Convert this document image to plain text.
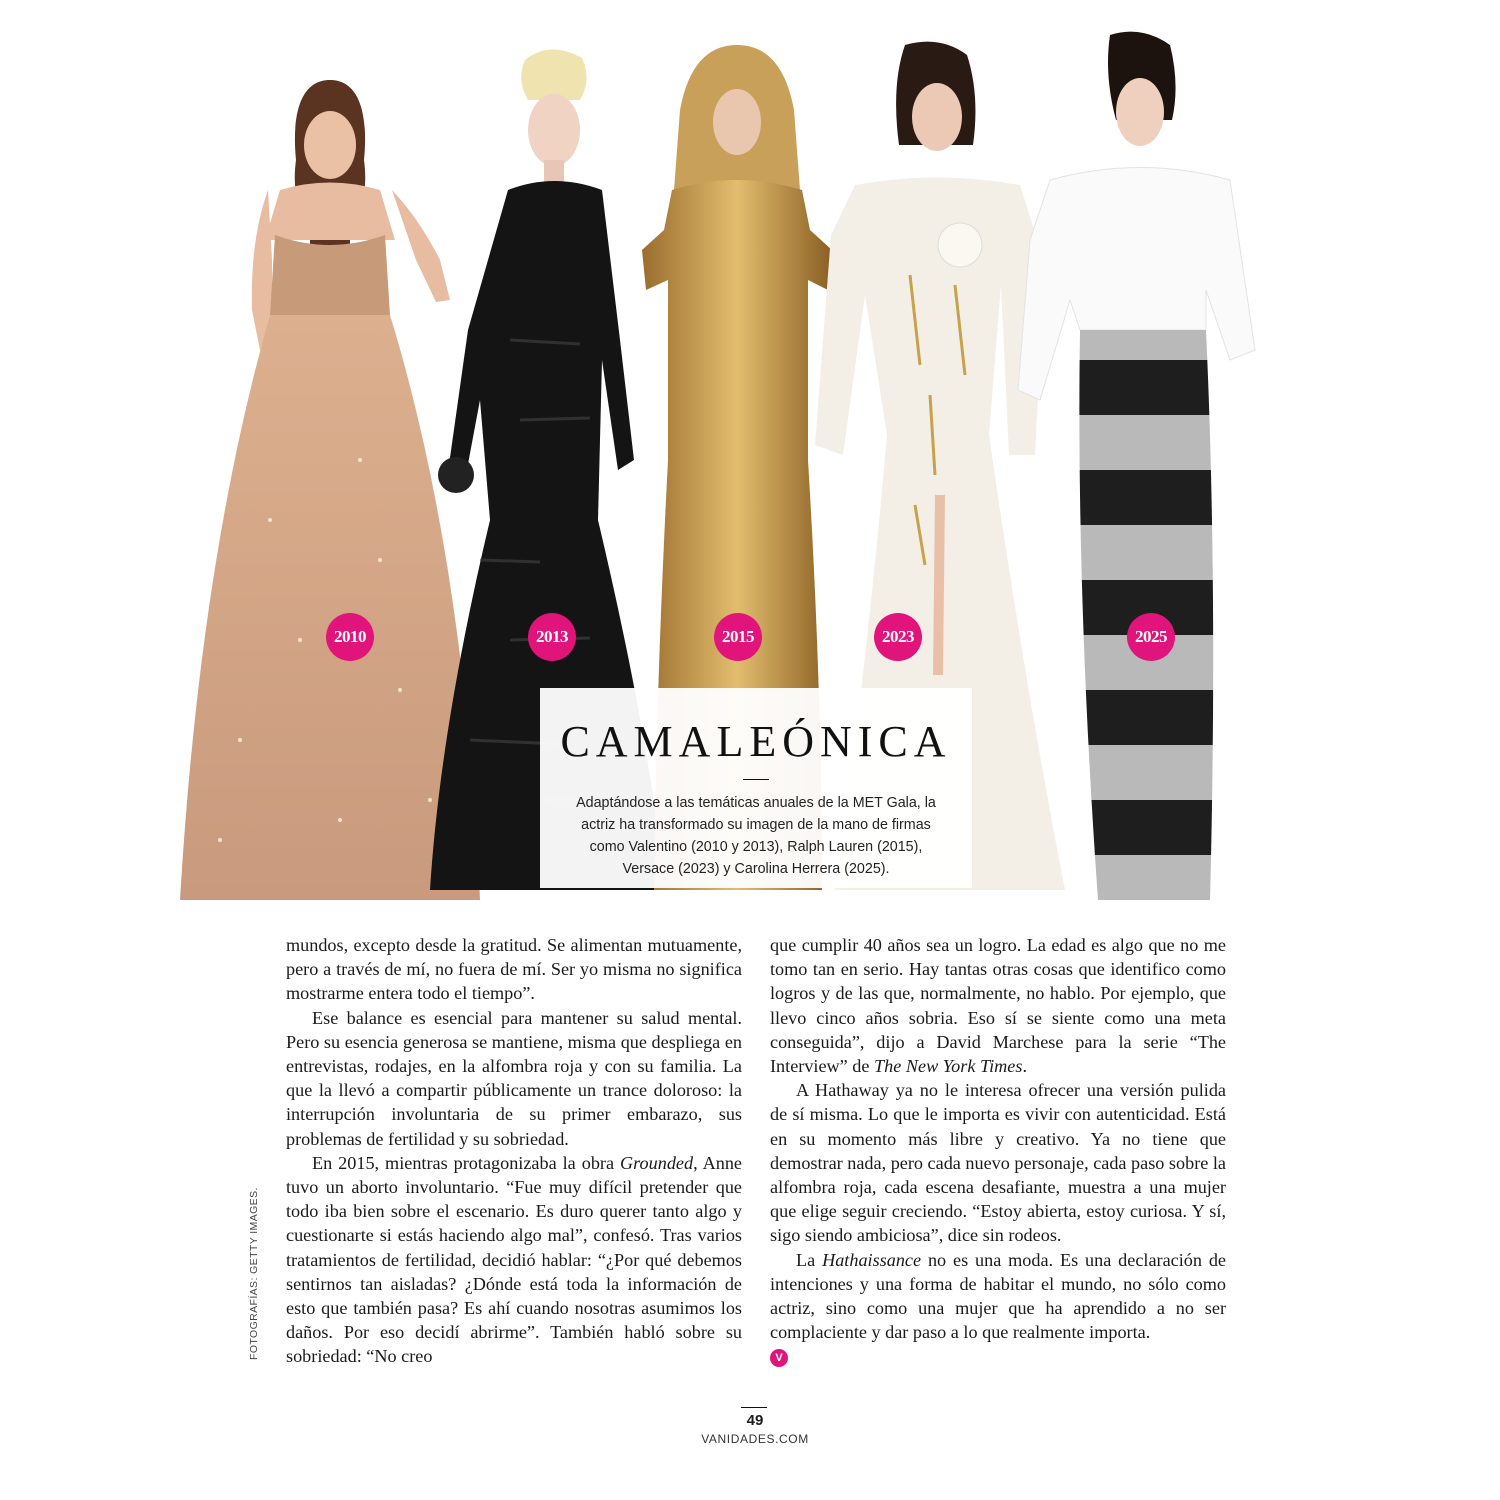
2010	2013	2015	2023	2025
CAMALEÓNICA

Adaptándose a las temáticas anuales de la MET Gala, la actriz ha transformado su imagen de la mano de firmas como Valentino (2010 y 2013), Ralph Lauren (2015), Versace (2023) y Carolina Herrera (2025).

mundos, excepto desde la gratitud. Se alimentan mutuamente, pero a través de mí, no fuera de mí. Ser yo misma no significa mostrarme entera todo el tiempo”.

Ese balance es esencial para mantener su salud mental. Pero su esencia generosa se mantiene, misma que despliega en entrevistas, rodajes, en la alfombra roja y con su familia. La que la llevó a compartir públicamente un trance doloroso: la interrupción involuntaria de su primer embarazo, sus problemas de fertilidad y su sobriedad.

En 2015, mientras protagonizaba la obra Grounded, Anne tuvo un aborto involuntario. “Fue muy difícil pretender que todo iba bien sobre el escenario. Es duro querer tanto algo y cuestionarte si estás haciendo algo mal”, confesó. Tras varios tratamientos de fertilidad, decidió hablar: “¿Por qué debemos sentirnos tan aisladas? ¿Dónde está toda la información de esto que también pasa? Es ahí cuando nosotras asumimos los daños. Por eso decidí abrirme”. También habló sobre su sobriedad: “No creo

que cumplir 40 años sea un logro. La edad es algo que no me tomo tan en serio. Hay tantas otras cosas que identifico como logros y de las que, normalmente, no hablo. Por ejemplo, que llevo cinco años sobria. Eso sí se siente como una meta conseguida”, dijo a David Marchese para la serie “The Interview” de The New York Times.

A Hathaway ya no le interesa ofrecer una versión pulida de sí misma. Lo que le importa es vivir con autenticidad. Está en su momento más libre y creativo. Ya no tiene que demostrar nada, pero cada nuevo personaje, cada paso sobre la alfombra roja, cada escena desafiante, muestra a una mujer que elige seguir creciendo. “Estoy abierta, estoy curiosa. Y sí, sigo siendo ambiciosa”, dice sin rodeos.

La Hathaissance no es una moda. Es una declaración de intenciones y una forma de habitar el mundo, no sólo como actriz, sino como una mujer que ha aprendido a no ser complaciente y dar paso a lo que realmente importa.

V
FOTOGRAFÍAS: GETTY IMAGES.
49
VANIDADES.COM
